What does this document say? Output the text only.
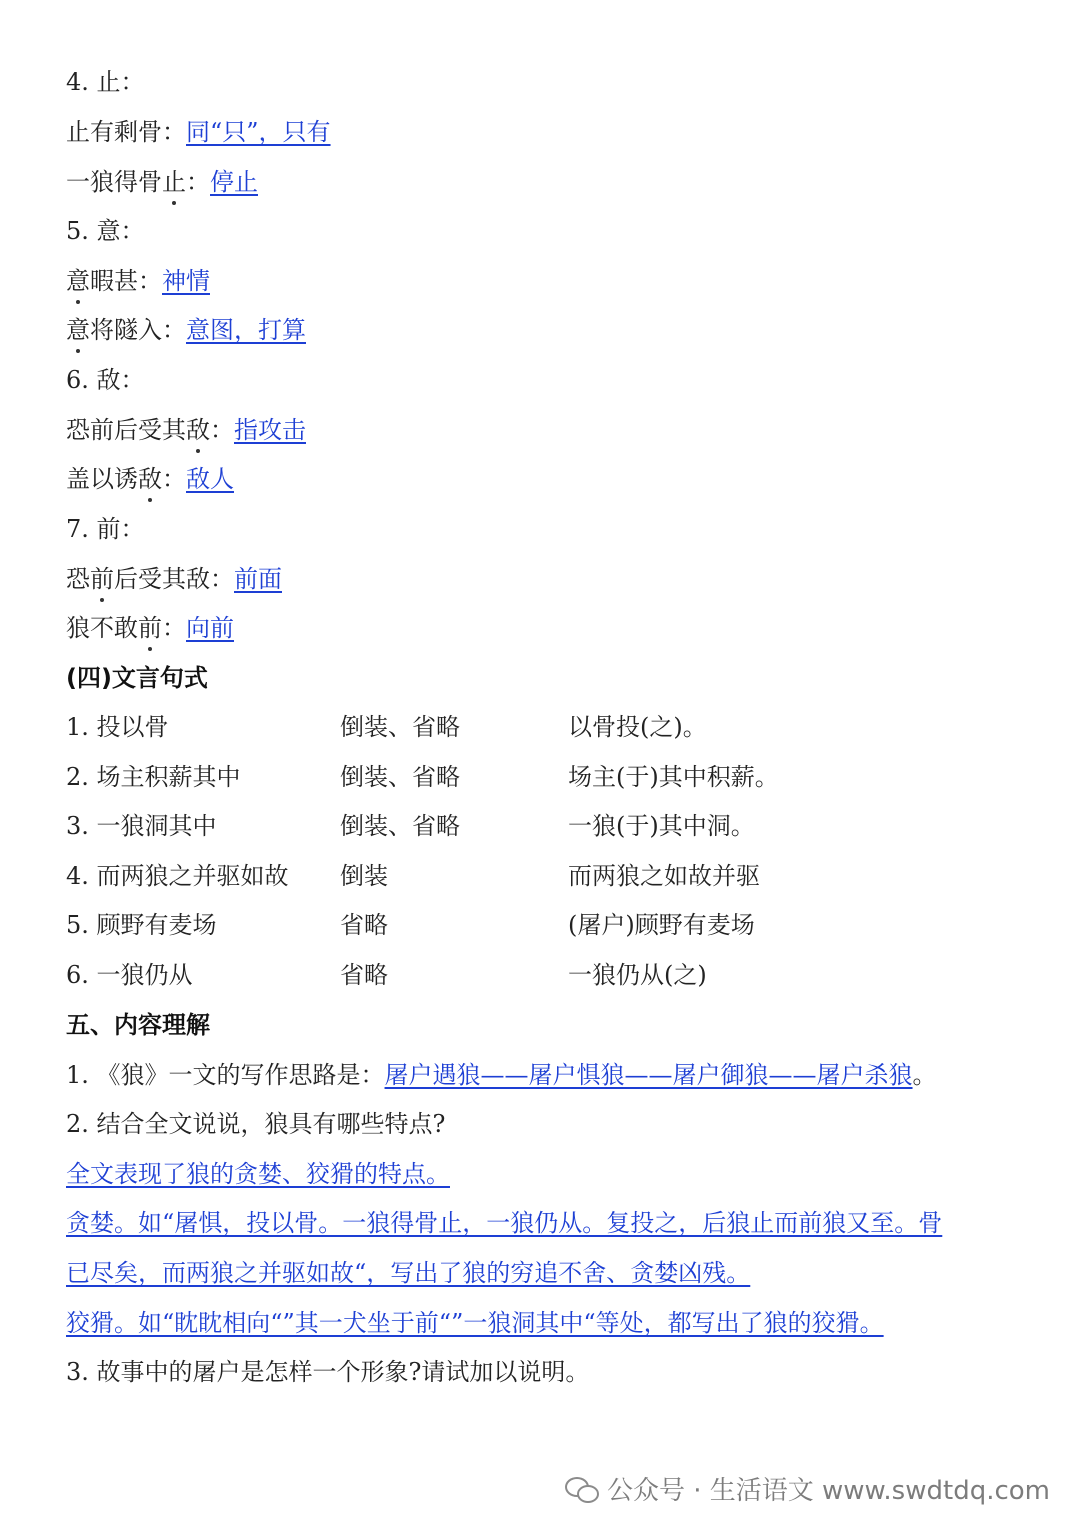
4. 止：
止有剩骨：同“只”，只有
一狼得骨止：停止
5. 意：
意暇甚：神情
意将隧入：意图，打算
6. 敌：
恐前后受其敌：指攻击
盖以诱敌：敌人
7. 前：
恐前后受其敌：前面
狼不敢前：向前
(四)文言句式
1. 投以骨	倒装、省略	以骨投(之)。
2. 场主积薪其中	倒装、省略	场主(于)其中积薪。
3. 一狼洞其中	倒装、省略	一狼(于)其中洞。
4. 而两狼之并驱如故 倒装	而两狼之如故并驱
5. 顾野有麦场	省略	(屠户)顾野有麦场
6. 一狼仍从	省略	一狼仍从(之)
五、内容理解
1. 《狼》一文的写作思路是：屠户遇狼——屠户惧狼——屠户御狼——屠户杀狼。
2. 结合全文说说，狼具有哪些特点?
全文表现了狼的贪婪、狡猾的特点。
贪婪。如“屠惧，投以骨。一狼得骨止，一狼仍从。复投之，后狼止而前狼又至。骨
已尽矣，而两狼之并驱如故“，写出了狼的穷追不舍、贪婪凶残。
狡猾。如“眈眈相向“”其一犬坐于前“”一狼洞其中“等处，都写出了狼的狡猾。
3. 故事中的屠户是怎样一个形象?请试加以说明。
公众号 · 生活语文 www.swdtdq.com
